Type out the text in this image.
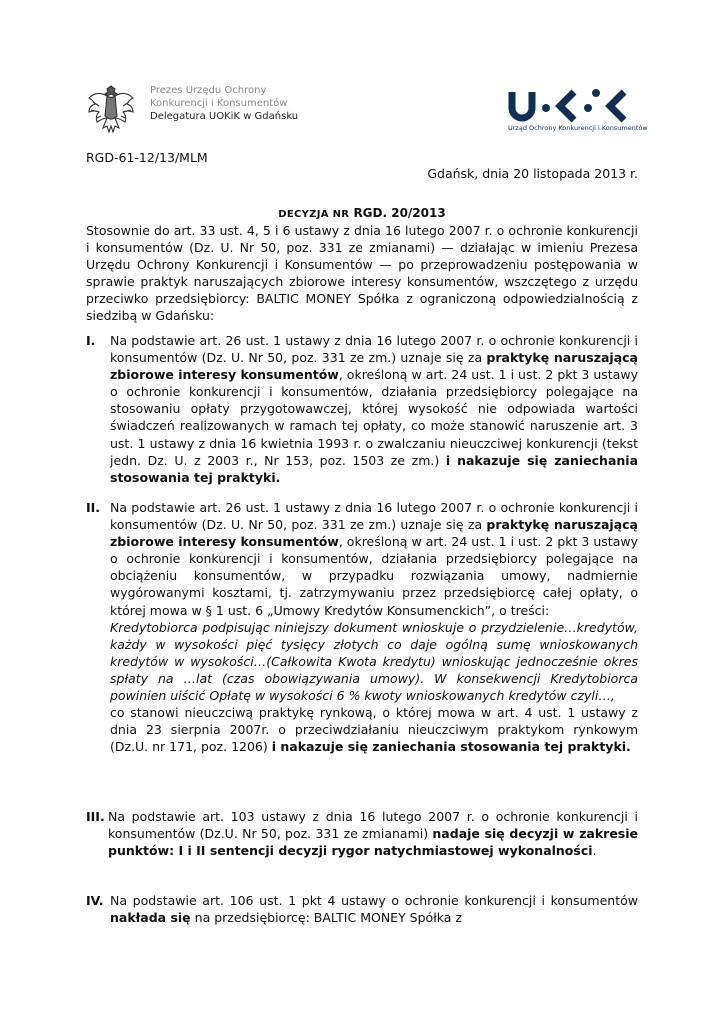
Prezes Urzędu Ochrony
Konkurencji i Konsumentów
Delegatura UOKiK w Gdańsku
Urząd Ochrony Konkurencji i Konsumentów
RGD-61-12/13/MLM
Gdańsk, dnia 20 listopada 2013 r.
DECYZJA NR RGD. 20/2013
Stosownie do art. 33 ust. 4, 5 i 6 ustawy z dnia 16 lutego 2007 r. o ochronie konkurencji i konsumentów (Dz. U. Nr 50, poz. 331 ze zmianami) — działając w imieniu Prezesa Urzędu Ochrony Konkurencji i Konsumentów — po przeprowadzeniu postępowania w sprawie praktyk naruszających zbiorowe interesy konsumentów, wszczętego z urzędu przeciwko przedsiębiorcy: BALTIC MONEY Spółka z ograniczoną odpowiedzialnością z siedzibą w Gdańsku:
I. Na podstawie art. 26 ust. 1 ustawy z dnia 16 lutego 2007 r. o ochronie konkurencji i konsumentów (Dz. U. Nr 50, poz. 331 ze zm.) uznaje się za praktykę naruszającą zbiorowe interesy konsumentów, określoną w art. 24 ust. 1 i ust. 2 pkt 3 ustawy o ochronie konkurencji i konsumentów, działania przedsiębiorcy polegające na stosowaniu opłaty przygotowawczej, której wysokość nie odpowiada wartości świadczeń realizowanych w ramach tej opłaty, co może stanowić naruszenie art. 3 ust. 1 ustawy z dnia 16 kwietnia 1993 r. o zwalczaniu nieuczciwej konkurencji (tekst jedn. Dz. U. z 2003 r., Nr 153, poz. 1503 ze zm.) i nakazuje się zaniechania stosowania tej praktyki.
II. Na podstawie art. 26 ust. 1 ustawy z dnia 16 lutego 2007 r. o ochronie konkurencji i konsumentów (Dz. U. Nr 50, poz. 331 ze zm.) uznaje się za praktykę naruszającą zbiorowe interesy konsumentów, określoną w art. 24 ust. 1 i ust. 2 pkt 3 ustawy o ochronie konkurencji i konsumentów, działania przedsiębiorcy polegające na obciążeniu konsumentów, w przypadku rozwiązania umowy, nadmiernie wygórowanymi kosztami, tj. zatrzymywaniu przez przedsiębiorcę całej opłaty, o której mowa w § 1 ust. 6 „Umowy Kredytów Konsumenckich”, o treści:
Kredytobiorca podpisując niniejszy dokument wnioskuje o przydzielenie…kredytów, każdy w wysokości pięć tysięcy złotych co daje ogólną sumę wnioskowanych kredytów w wysokości…(Całkowita Kwota kredytu) wnioskując jednocześnie okres spłaty na …lat (czas obowiązywania umowy). W konsekwencji Kredytobiorca powinien uiścić Opłatę w wysokości 6 % kwoty wnioskowanych kredytów czyli…,
co stanowi nieuczciwą praktykę rynkową, o której mowa w art. 4 ust. 1 ustawy z dnia 23 sierpnia 2007r. o przeciwdziałaniu nieuczciwym praktykom rynkowym (Dz.U. nr 171, poz. 1206) i nakazuje się zaniechania stosowania tej praktyki.
III. Na podstawie art. 103 ustawy z dnia 16 lutego 2007 r. o ochronie konkurencji i konsumentów (Dz.U. Nr 50, poz. 331 ze zmianami) nadaje się decyzji w zakresie punktów: I i II sentencji decyzji rygor natychmiastowej wykonalności.
IV. Na podstawie art. 106 ust. 1 pkt 4 ustawy o ochronie konkurencji i konsumentów nakłada się na przedsiębiorcę: BALTIC MONEY Spółka z
